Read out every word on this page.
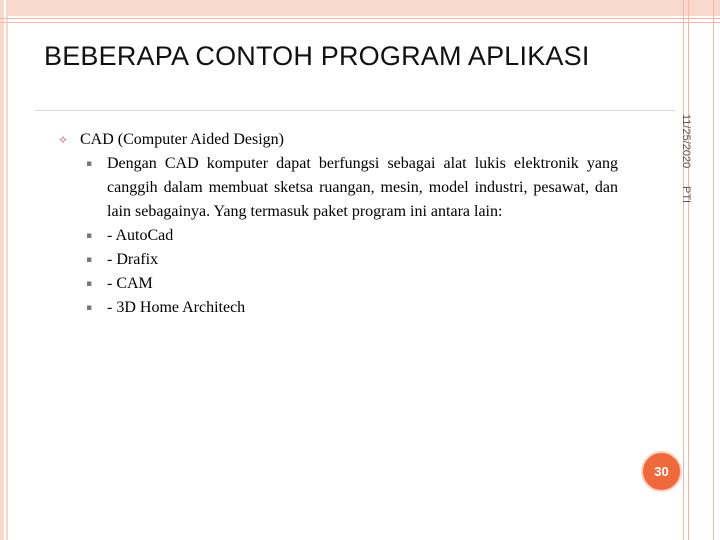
BEBERAPA CONTOH PROGRAM APLIKASI
11/25/2020
PTI

✧ CAD (Computer Aided Design)

▪ Dengan CAD komputer dapat berfungsi sebagai alat lukis elektronik yang canggih dalam membuat sketsa ruangan, mesin, model industri, pesawat, dan lain sebagainya. Yang termasuk paket program ini antara lain:

▪ - AutoCad

▪ - Drafix

▪ - CAM

▪ - 3D Home Architech

30
